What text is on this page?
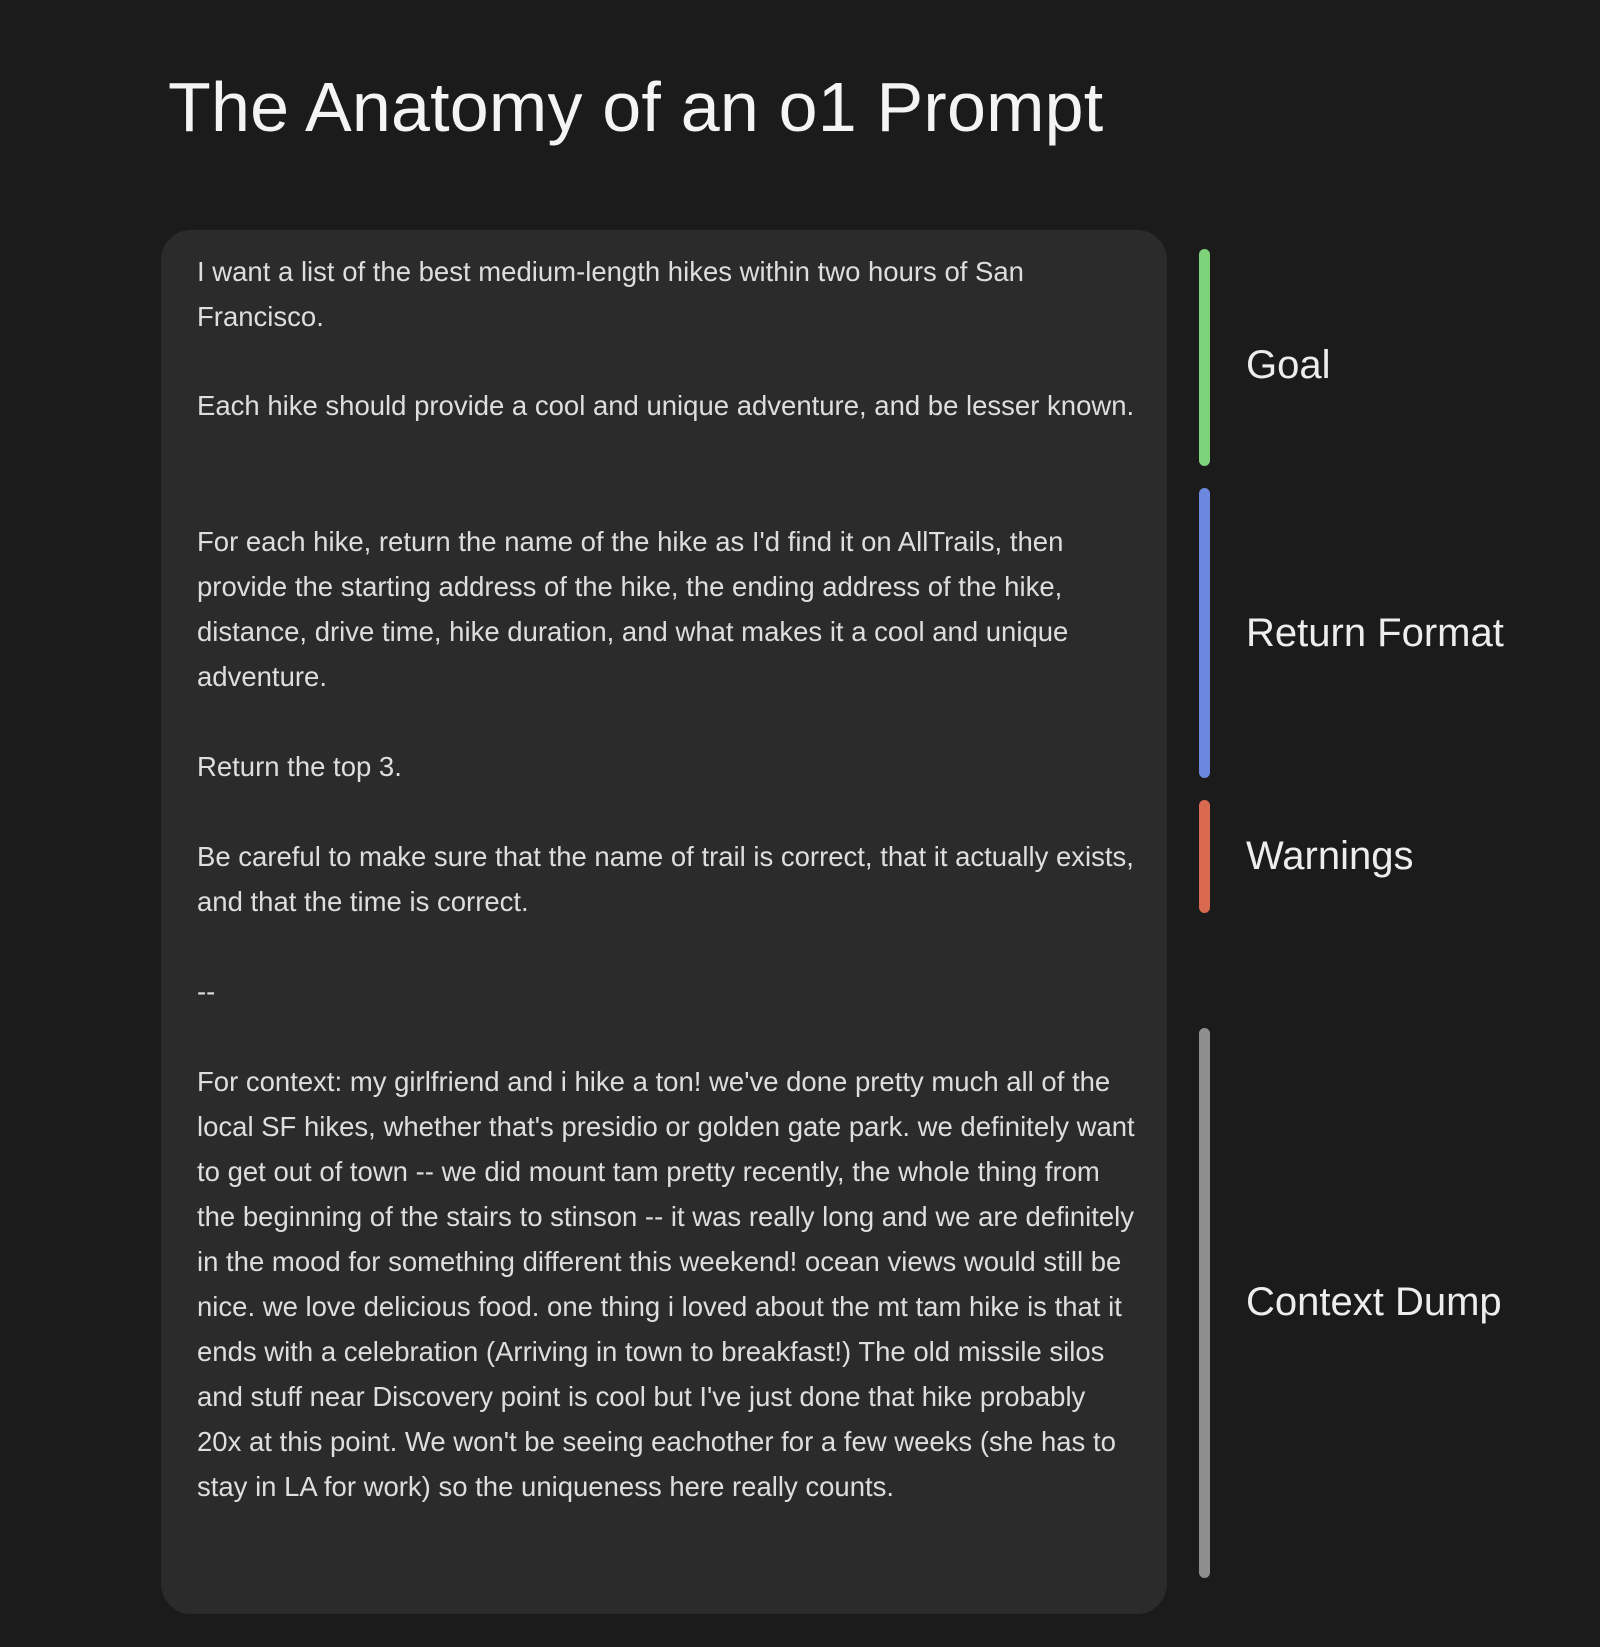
The Anatomy of an o1 Prompt

I want a list of the best medium-length hikes within two hours of San Francisco.

Each hike should provide a cool and unique adventure, and be lesser known.

For each hike, return the name of the hike as I'd find it on AllTrails, then provide the starting address of the hike, the ending address of the hike, distance, drive time, hike duration, and what makes it a cool and unique adventure.

Return the top 3.

Be careful to make sure that the name of trail is correct, that it actually exists, and that the time is correct.

--

For context: my girlfriend and i hike a ton! we've done pretty much all of the local SF hikes, whether that's presidio or golden gate park. we definitely want to get out of town -- we did mount tam pretty recently, the whole thing from the beginning of the stairs to stinson -- it was really long and we are definitely in the mood for something different this weekend! ocean views would still be nice. we love delicious food. one thing i loved about the mt tam hike is that it ends with a celebration (Arriving in town to breakfast!) The old missile silos and stuff near Discovery point is cool but I've just done that hike probably 20x at this point. We won't be seeing eachother for a few weeks (she has to stay in LA for work) so the uniqueness here really counts.

Goal

Return Format

Warnings

Context Dump
